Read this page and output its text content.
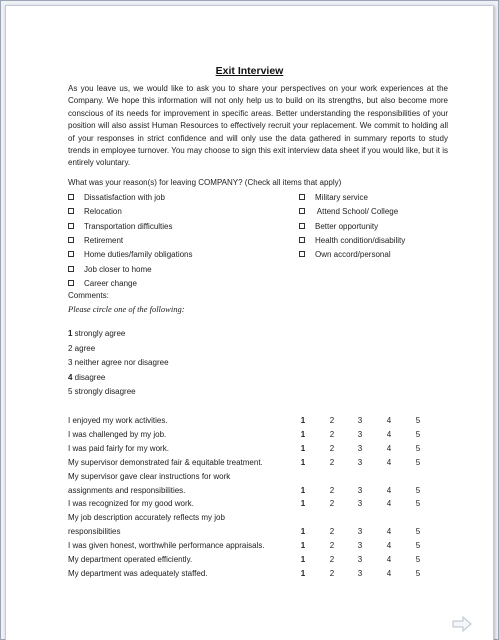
Exit Interview
As you leave us, we would like to ask you to share your perspectives on your work experiences at the Company. We hope this information will not only help us to build on its strengths, but also become more conscious of its needs for improvement in specific areas. Better understanding the responsibilities of your position will also assist Human Resources to effectively recruit your replacement. We commit to holding all of your responses in strict confidence and will only use the data gathered in summary reports to study trends in employee turnover. You may choose to sign this exit interview data sheet if you would like, but it is entirely voluntary.
What was your reason(s) for leaving COMPANY? (Check all items that apply)
Dissatisfaction with job
Relocation
Transportation difficulties
Retirement
Home duties/family obligations
Job closer to home
Career change
Military service
Attend School/ College
Better opportunity
Health condition/disability
Own accord/personal
Comments:
Please circle one of the following:
1 strongly agree
2 agree
3 neither agree nor disagree
4 disagree
5 strongly disagree
I enjoyed my work activities.	1	2	3	4	5
I was challenged by my job.	1	2	3	4	5
I was paid fairly for my work.	1	2	3	4	5
My supervisor demonstrated fair & equitable treatment.	1	2	3	4	5
My supervisor gave clear instructions for work
assignments and responsibilities.	1	2	3	4	5
I was recognized for my good work.	1	2	3	4	5
My job description accurately reflects my job
responsibilities	1	2	3	4	5
I was given honest, worthwhile performance appraisals.	1	2	3	4	5
My department operated efficiently.	1	2	3	4	5
My department was adequately staffed.	1	2	3	4	5
